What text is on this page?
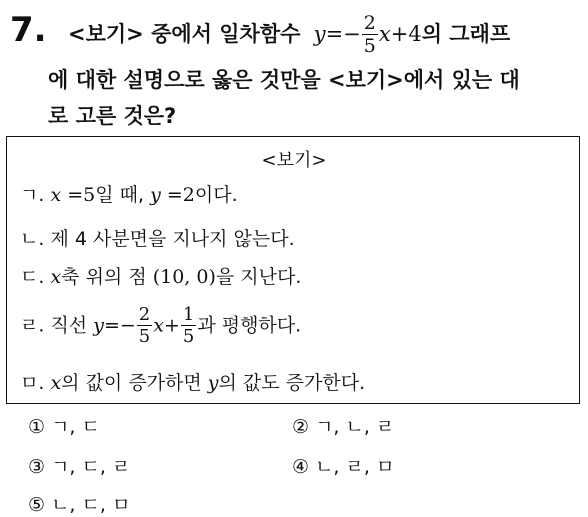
7. <보기> 중에서 일차함수 $y=- \frac{2}{5} x+4$의 그래프
에 대한 설명으로 옳은 것만을 <보기>에서 있는 대
로 고른 것은?
<보기>
ㄱ. x =5일 때, y =2이다.
ㄴ. 제 4 사분면을 지나지 않는다.
ㄷ. x축 위의 점 (10, 0)을 지난다.
ㄹ. 직선 $y=- \frac{2}{5} x+ \frac{1}{5}$ 과 평행하다.
ㅁ. x의 값이 증가하면 y의 값도 증가한다.
① ㄱ, ㄷ	② ㄱ, ㄴ, ㄹ
③ ㄱ, ㄷ, ㄹ	④ ㄴ, ㄹ, ㅁ
⑤ ㄴ, ㄷ, ㅁ
